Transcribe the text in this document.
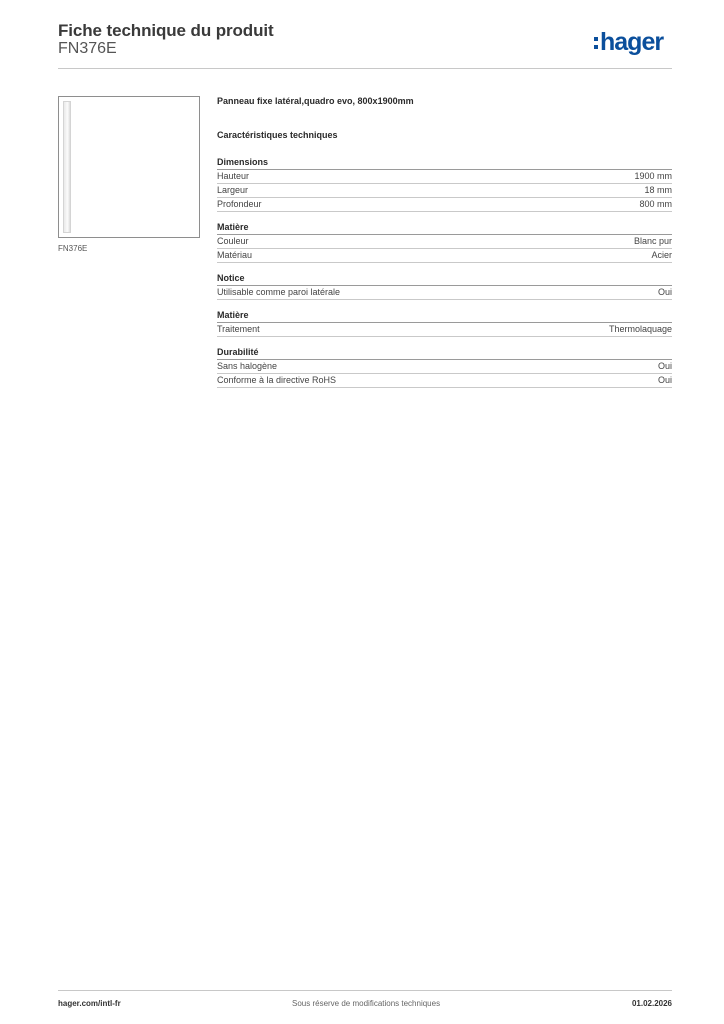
Fiche technique du produit
FN376E	hager
FN376E
Panneau fixe latéral,quadro evo, 800x1900mm
Caractéristiques techniques
Dimensions
Hauteur	1900 mm
Largeur	18 mm
Profondeur	800 mm
Matière
Couleur	Blanc pur
Matériau	Acier
Notice
Utilisable comme paroi latérale	Oui
Matière
Traitement	Thermolaquage
Durabilité
Sans halogène	Oui
Conforme à la directive RoHS	Oui
hager.com/intl-fr	Sous réserve de modifications techniques	01.02.2026
